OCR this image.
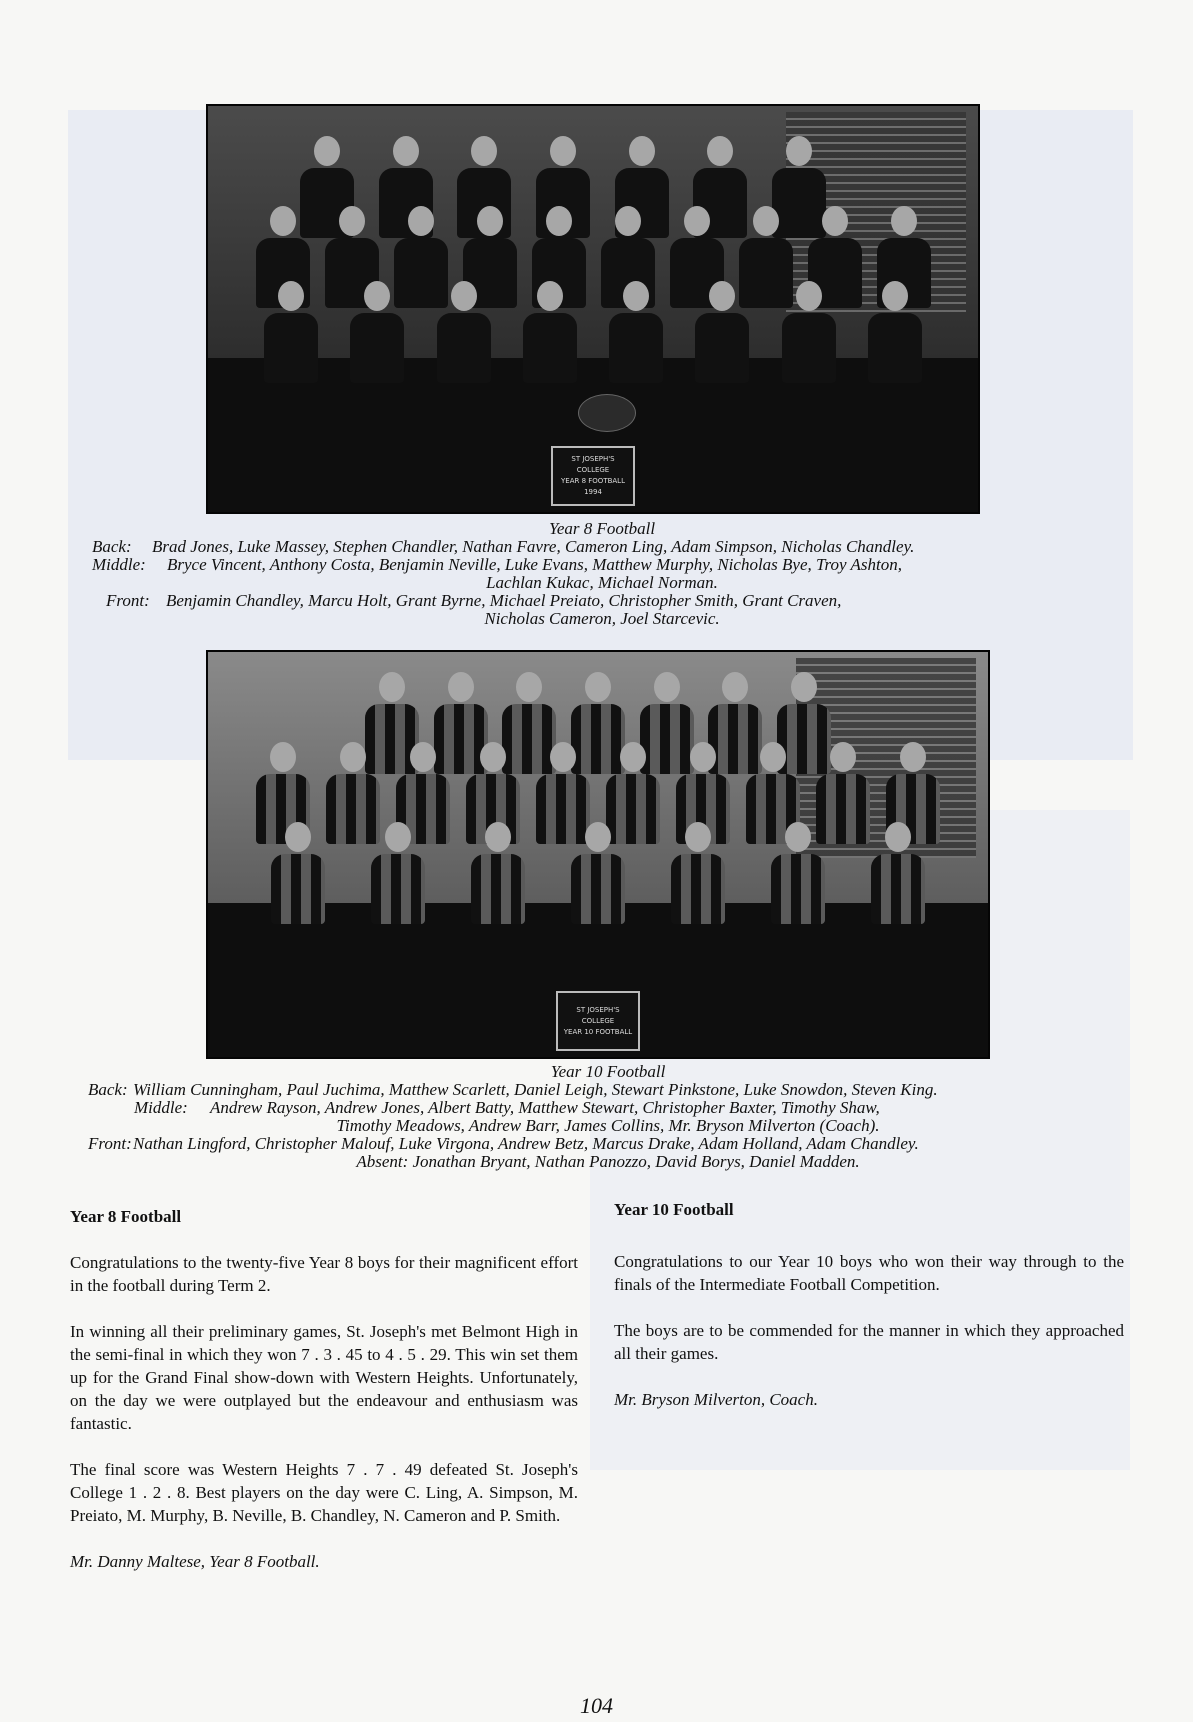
ST JOSEPH'S
COLLEGE
YEAR 8 FOOTBALL
1994
Year 8 Football
Back: Brad Jones, Luke Massey, Stephen Chandler, Nathan Favre, Cameron Ling, Adam Simpson, Nicholas Chandley.
Middle: Bryce Vincent, Anthony Costa, Benjamin Neville, Luke Evans, Matthew Murphy, Nicholas Bye, Troy Ashton,
Lachlan Kukac, Michael Norman.
Front: Benjamin Chandley, Marcu Holt, Grant Byrne, Michael Preiato, Christopher Smith, Grant Craven,
Nicholas Cameron, Joel Starcevic.
ST JOSEPH'S
COLLEGE
YEAR 10 FOOTBALL
Year 10 Football
Back: William Cunningham, Paul Juchima, Matthew Scarlett, Daniel Leigh, Stewart Pinkstone, Luke Snowdon, Steven King.
Middle: Andrew Rayson, Andrew Jones, Albert Batty, Matthew Stewart, Christopher Baxter, Timothy Shaw,
Timothy Meadows, Andrew Barr, James Collins, Mr. Bryson Milverton (Coach).
Front:Nathan Lingford, Christopher Malouf, Luke Virgona, Andrew Betz, Marcus Drake, Adam Holland, Adam Chandley.
Absent: Jonathan Bryant, Nathan Panozzo, David Borys, Daniel Madden.
Year 8 Football

Congratulations to the twenty-five Year 8 boys for their magnificent effort in the football during Term 2.

In winning all their preliminary games, St. Joseph's met Belmont High in the semi-final in which they won 7 . 3 . 45 to 4 . 5 . 29. This win set them up for the Grand Final show-down with Western Heights. Unfortunately, on the day we were outplayed but the endeavour and enthusiasm was fantastic.

The final score was Western Heights 7 . 7 . 49 defeated St. Joseph's College 1 . 2 . 8. Best players on the day were C. Ling, A. Simpson, M. Preiato, M. Murphy, B. Neville, B. Chandley, N. Cameron and P. Smith.

Mr. Danny Maltese, Year 8 Football.

Year 10 Football

Congratulations to our Year 10 boys who won their way through to the finals of the Intermediate Football Competition.

The boys are to be commended for the manner in which they approached all their games.

Mr. Bryson Milverton, Coach.

104
